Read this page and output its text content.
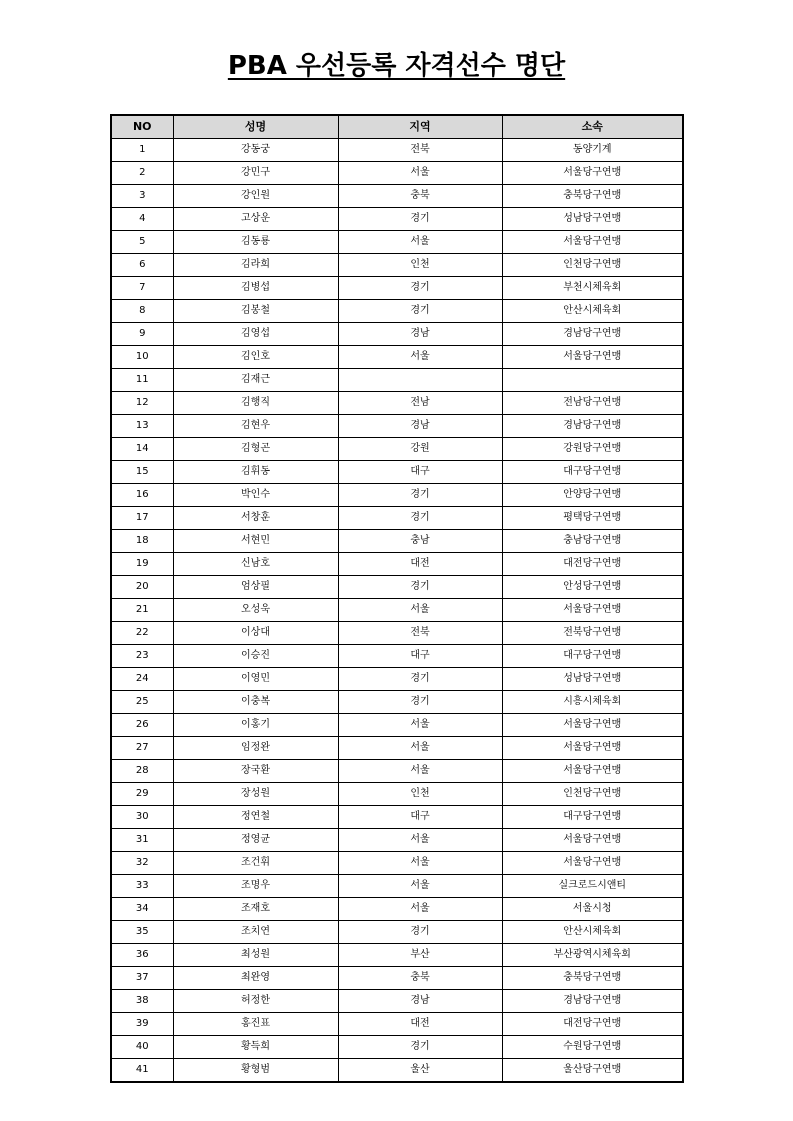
PBA 우선등록 자격선수 명단
NO	성명	지역	소속
1	강동궁	전북	동양기계
2	강민구	서울	서울당구연맹
3	강인원	충북	충북당구연맹
4	고상운	경기	성남당구연맹
5	김동룡	서울	서울당구연맹
6	김라희	인천	인천당구연맹
7	김병섭	경기	부천시체육회
8	김봉철	경기	안산시체육회
9	김영섭	경남	경남당구연맹
10	김인호	서울	서울당구연맹
11	김재근		
12	김행직	전남	전남당구연맹
13	김현우	경남	경남당구연맹
14	김형곤	강원	강원당구연맹
15	김휘동	대구	대구당구연맹
16	박인수	경기	안양당구연맹
17	서창훈	경기	평택당구연맹
18	서현민	충남	충남당구연맹
19	신남호	대전	대전당구연맹
20	엄상필	경기	안성당구연맹
21	오성욱	서울	서울당구연맹
22	이상대	전북	전북당구연맹
23	이승진	대구	대구당구연맹
24	이영민	경기	성남당구연맹
25	이충복	경기	시흥시체육회
26	이홍기	서울	서울당구연맹
27	임정완	서울	서울당구연맹
28	장국환	서울	서울당구연맹
29	장성원	인천	인천당구연맹
30	정연철	대구	대구당구연맹
31	정영균	서울	서울당구연맹
32	조건휘	서울	서울당구연맹
33	조명우	서울	실크로드시앤티
34	조재호	서울	서울시청
35	조치연	경기	안산시체육회
36	최성원	부산	부산광역시체육회
37	최완영	충북	충북당구연맹
38	허정한	경남	경남당구연맹
39	홍진표	대전	대전당구연맹
40	황득희	경기	수원당구연맹
41	황형범	울산	울산당구연맹
